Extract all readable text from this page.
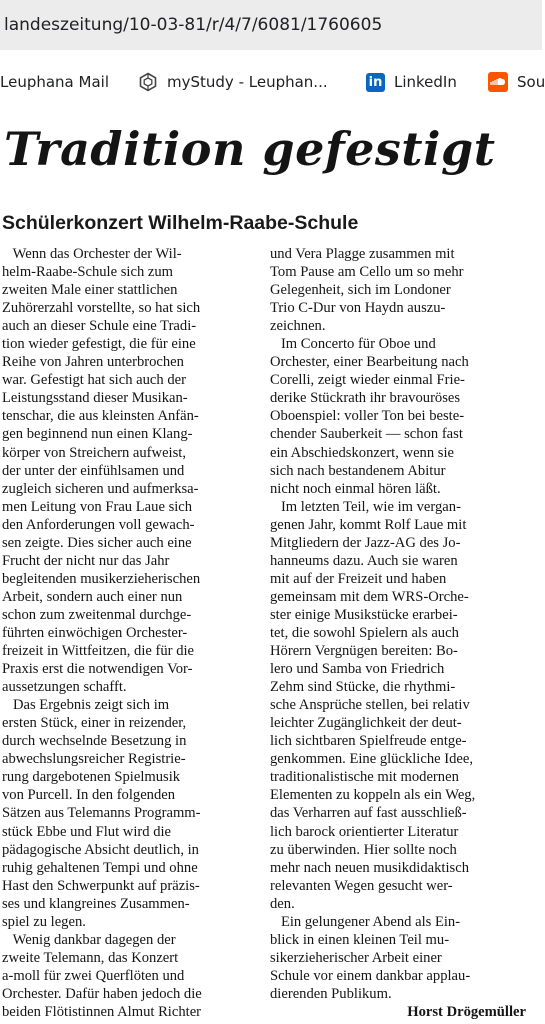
landeszeitung/10-03-81/r/4/7/6081/1760605
Leuphana Mail	myStudy - Leuphan...	in LinkedIn	Sou
Tradition gefestigt
Schülerkonzert Wilhelm-Raabe-Schule
Wenn das Orchester der Wil-
helm-Raabe-Schule sich zum
zweiten Male einer stattlichen
Zuhörerzahl vorstellte, so hat sich
auch an dieser Schule eine Tradi-
tion wieder gefestigt, die für eine
Reihe von Jahren unterbrochen
war. Gefestigt hat sich auch der
Leistungsstand dieser Musikan-
tenschar, die aus kleinsten Anfän-
gen beginnend nun einen Klang-
körper von Streichern aufweist,
der unter der einfühlsamen und
zugleich sicheren und aufmerksa-
men Leitung von Frau Laue sich
den Anforderungen voll gewach-
sen zeigte. Dies sicher auch eine
Frucht der nicht nur das Jahr
begleitenden musikerzieherischen
Arbeit, sondern auch einer nun
schon zum zweitenmal durchge-
führten einwöchigen Orchester-
freizeit in Wittfeitzen, die für die
Praxis erst die notwendigen Vor-
aussetzungen schafft.
Das Ergebnis zeigt sich im
ersten Stück, einer in reizender,
durch wechselnde Besetzung in
abwechslungsreicher Registrie-
rung dargebotenen Spielmusik
von Purcell. In den folgenden
Sätzen aus Telemanns Programm-
stück Ebbe und Flut wird die
pädagogische Absicht deutlich, in
ruhig gehaltenen Tempi und ohne
Hast den Schwerpunkt auf präzis-
ses und klangreines Zusammen-
spiel zu legen.
Wenig dankbar dagegen der
zweite Telemann, das Konzert
a-moll für zwei Querflöten und
Orchester. Dafür haben jedoch die
beiden Flötistinnen Almut Richter
und Vera Plagge zusammen mit
Tom Pause am Cello um so mehr
Gelegenheit, sich im Londoner
Trio C-Dur von Haydn auszu-
zeichnen.
Im Concerto für Oboe und
Orchester, einer Bearbeitung nach
Corelli, zeigt wieder einmal Frie-
derike Stückrath ihr bravouröses
Oboenspiel: voller Ton bei beste-
chender Sauberkeit — schon fast
ein Abschiedskonzert, wenn sie
sich nach bestandenem Abitur
nicht noch einmal hören läßt.
Im letzten Teil, wie im vergan-
genen Jahr, kommt Rolf Laue mit
Mitgliedern der Jazz-AG des Jo-
hanneums dazu. Auch sie waren
mit auf der Freizeit und haben
gemeinsam mit dem WRS-Orche-
ster einige Musikstücke erarbei-
tet, die sowohl Spielern als auch
Hörern Vergnügen bereiten: Bo-
lero und Samba von Friedrich
Zehm sind Stücke, die rhythmi-
sche Ansprüche stellen, bei relativ
leichter Zugänglichkeit der deut-
lich sichtbaren Spielfreude entge-
genkommen. Eine glückliche Idee,
traditionalistische mit modernen
Elementen zu koppeln als ein Weg,
das Verharren auf fast ausschließ-
lich barock orientierter Literatur
zu überwinden. Hier sollte noch
mehr nach neuen musikdidaktisch
relevanten Wegen gesucht wer-
den.
Ein gelungener Abend als Ein-
blick in einen kleinen Teil mu-
sikerzieherischer Arbeit einer
Schule vor einem dankbar applau-
dierenden Publikum.
Horst Drögemüller
